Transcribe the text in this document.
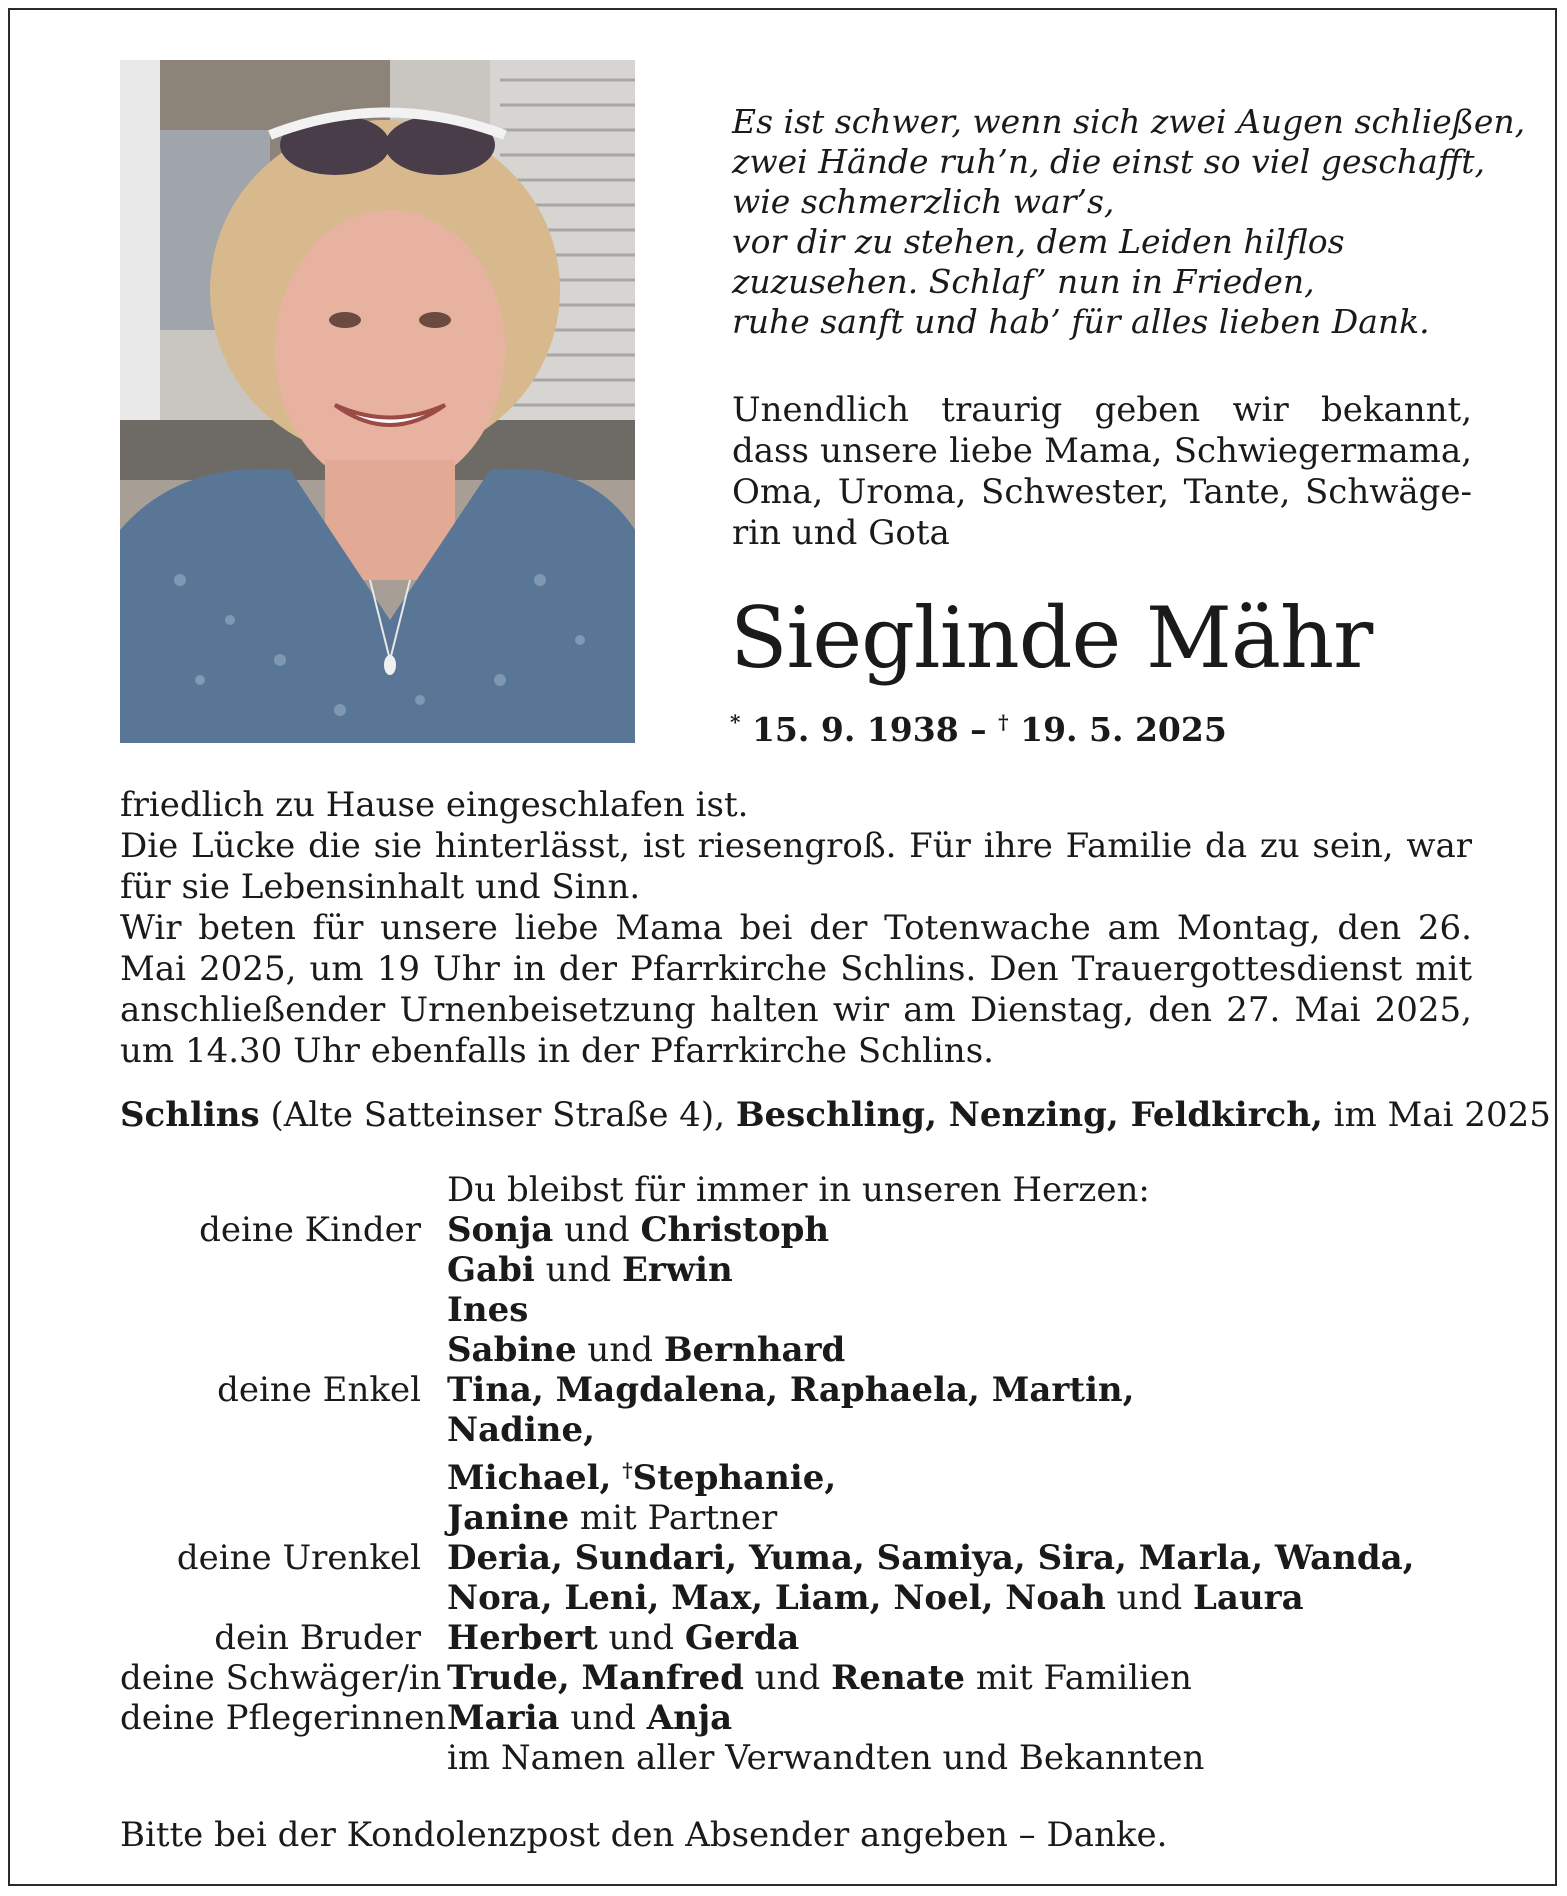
Es ist schwer, wenn sich zwei Augen schließen,
zwei Hände ruh’n, die einst so viel geschafft,
wie schmerzlich war’s,
vor dir zu stehen, dem Leiden hilflos
zuzusehen. Schlaf’ nun in Frieden,
ruhe sanft und hab’ für alles lieben Dank.
Unendlich traurig geben wir bekannt, dass unsere liebe Mama, Schwiegermama, Oma, Uroma, Schwester, Tante, Schwäge-rin und Gota
Sieglinde Mähr
* 15. 9. 1938 – † 19. 5. 2025
friedlich zu Hause eingeschlafen ist.
Die Lücke die sie hinterlässt, ist riesengroß. Für ihre Familie da zu sein, war für sie Lebensinhalt und Sinn.
Wir beten für unsere liebe Mama bei der Totenwache am Montag, den 26. Mai 2025, um 19 Uhr in der Pfarrkirche Schlins. Den Trauergottesdienst mit anschließender Urnenbeisetzung halten wir am Dienstag, den 27. Mai 2025, um 14.30 Uhr ebenfalls in der Pfarrkirche Schlins.
Schlins (Alte Satteinser Straße 4), Beschling, Nenzing, Feldkirch, im Mai 2025
Du bleibst für immer in unseren Herzen:
deine Kinder Sonja und Christoph
Gabi und Erwin
Ines
Sabine und Bernhard
deine Enkel Tina, Magdalena, Raphaela, Martin,
Nadine,
Michael, †Stephanie,
Janine mit Partner
deine Urenkel Deria, Sundari, Yuma, Samiya, Sira, Marla, Wanda,
Nora, Leni, Max, Liam, Noel, Noah und Laura
dein Bruder Herbert und Gerda
deine Schwäger/in Trude, Manfred und Renate mit Familien
deine Pflegerinnen Maria und Anja
im Namen aller Verwandten und Bekannten
Bitte bei der Kondolenzpost den Absender angeben – Danke.
